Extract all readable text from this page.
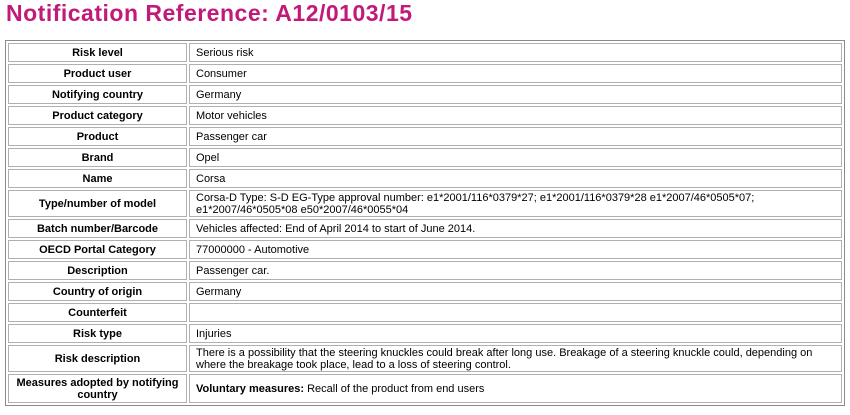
Notification Reference: A12/0103/15
Risk level	Serious risk
Product user	Consumer
Notifying country	Germany
Product category	Motor vehicles
Product	Passenger car
Brand	Opel
Name	Corsa
Type/number of model	Corsa-D Type: S-D EG-Type approval number: e1*2001/116*0379*27; e1*2001/116*0379*28 e1*2007/46*0505*07; e1*2007/46*0505*08 e50*2007/46*0055*04
Batch number/Barcode	Vehicles affected: End of April 2014 to start of June 2014.
OECD Portal Category	77000000 - Automotive
Description	Passenger car.
Country of origin	Germany
Counterfeit	
Risk type	Injuries
Risk description	There is a possibility that the steering knuckles could break after long use. Breakage of a steering knuckle could, depending on where the breakage took place, lead to a loss of steering control.
Measures adopted by notifying country	Voluntary measures: Recall of the product from end users
